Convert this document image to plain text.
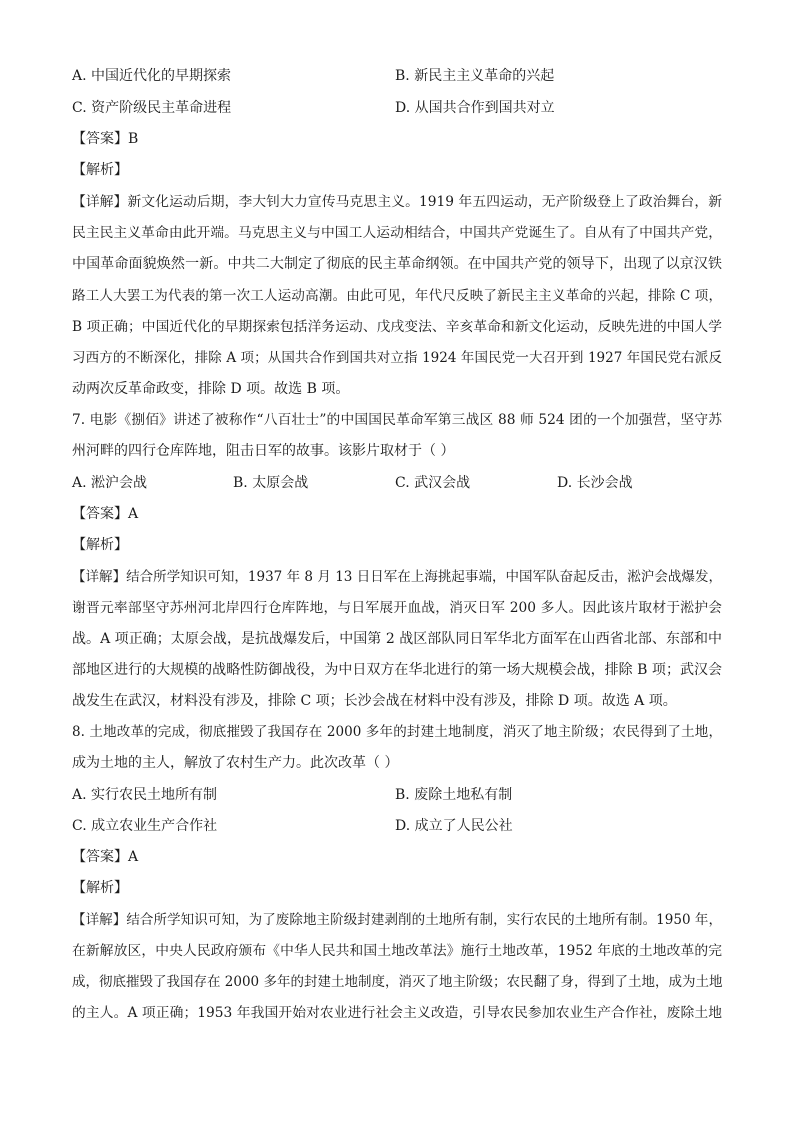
A. 中国近代化的早期探索	B. 新民主主义革命的兴起
C. 资产阶级民主革命进程	D. 从国共合作到国共对立
【答案】B
【解析】
【详解】新文化运动后期，李大钊大力宣传马克思主义。1919 年五四运动，无产阶级登上了政治舞台，新
民主民主义革命由此开端。马克思主义与中国工人运动相结合，中国共产党诞生了。自从有了中国共产党，
中国革命面貌焕然一新。中共二大制定了彻底的民主革命纲领。在中国共产党的领导下，出现了以京汉铁
路工人大罢工为代表的第一次工人运动高潮。由此可见，年代尺反映了新民主主义革命的兴起，排除 C 项，
B 项正确；中国近代化的早期探索包括洋务运动、戊戌变法、辛亥革命和新文化运动，反映先进的中国人学
习西方的不断深化，排除 A 项；从国共合作到国共对立指 1924 年国民党一大召开到 1927 年国民党右派反
动两次反革命政变，排除 D 项。故选 B 项。
7. 电影《捌佰》讲述了被称作“八百壮士”的中国国民革命军第三战区 88 师 524 团的一个加强营，坚守苏
州河畔的四行仓库阵地，阻击日军的故事。该影片取材于（ ）
A. 淞沪会战	B. 太原会战	C. 武汉会战	D. 长沙会战
【答案】A
【解析】
【详解】结合所学知识可知，1937 年 8 月 13 日日军在上海挑起事端，中国军队奋起反击，淞沪会战爆发，
谢晋元率部坚守苏州河北岸四行仓库阵地，与日军展开血战，消灭日军 200 多人。因此该片取材于淞护会
战。A 项正确；太原会战，是抗战爆发后，中国第 2 战区部队同日军华北方面军在山西省北部、东部和中
部地区进行的大规模的战略性防御战役，为中日双方在华北进行的第一场大规模会战，排除 B 项；武汉会
战发生在武汉，材料没有涉及，排除 C 项；长沙会战在材料中没有涉及，排除 D 项。故选 A 项。
8. 土地改革的完成，彻底摧毁了我国存在 2000 多年的封建土地制度，消灭了地主阶级；农民得到了土地，
成为土地的主人，解放了农村生产力。此次改革（ ）
A. 实行农民土地所有制	B. 废除土地私有制
C. 成立农业生产合作社	D. 成立了人民公社
【答案】A
【解析】
【详解】结合所学知识可知，为了废除地主阶级封建剥削的土地所有制，实行农民的土地所有制。1950 年，
在新解放区，中央人民政府颁布《中华人民共和国土地改革法》施行土地改革，1952 年底的土地改革的完
成，彻底摧毁了我国存在 2000 多年的封建土地制度，消灭了地主阶级；农民翻了身，得到了土地，成为土地
的主人。A 项正确；1953 年我国开始对农业进行社会主义改造，引导农民参加农业生产合作社，废除土地
